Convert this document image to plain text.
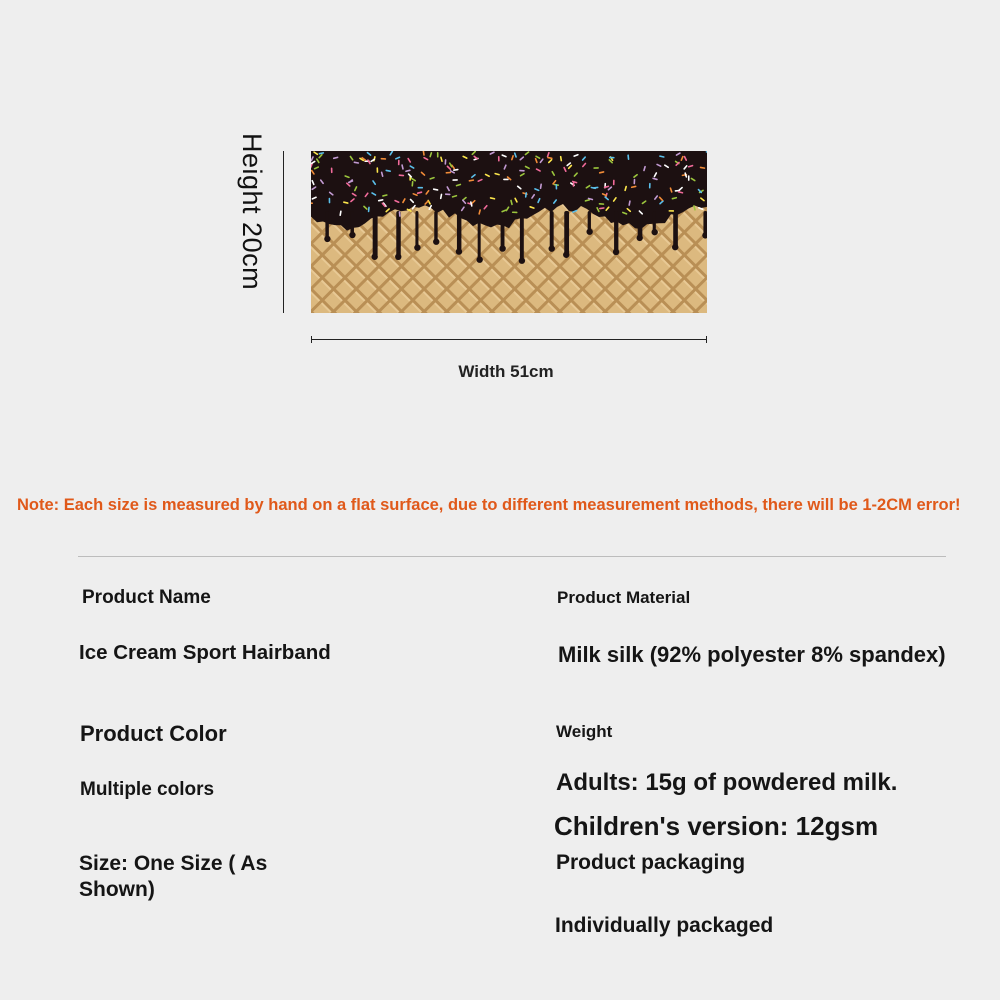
Height 20cm
Width 51cm
Note: Each size is measured by hand on a flat surface, due to different measurement methods, there will be 1-2CM error!
Product Name
Ice Cream Sport Hairband
Product Color
Multiple colors
Size: One Size ( As Shown)
Product Material
Milk silk (92% polyester 8% spandex)
Weight
Adults: 15g of powdered milk.
Children's version: 12gsm
Product packaging
Individually packaged
